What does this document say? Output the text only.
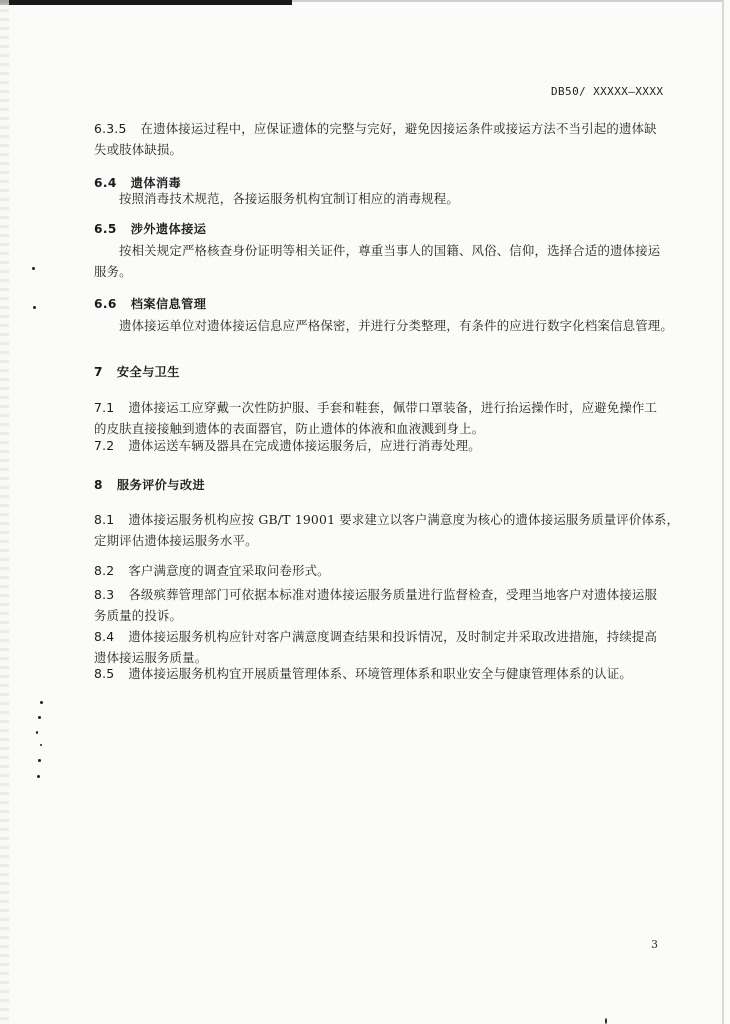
DB50/ XXXXX—XXXX
6.3.5 在遗体接运过程中，应保证遗体的完整与完好，避免因接运条件或接运方法不当引起的遗体缺
失或肢体缺损。
6.4 遗体消毒
按照消毒技术规范，各接运服务机构宜制订相应的消毒规程。
6.5 涉外遗体接运
按相关规定严格核查身份证明等相关证件，尊重当事人的国籍、风俗、信仰，选择合适的遗体接运
服务。
6.6 档案信息管理
遗体接运单位对遗体接运信息应严格保密，并进行分类整理，有条件的应进行数字化档案信息管理。
7 安全与卫生
7.1 遗体接运工应穿戴一次性防护服、手套和鞋套，佩带口罩装备，进行抬运操作时，应避免操作工
的皮肤直接接触到遗体的表面器官，防止遗体的体液和血液溅到身上。
7.2 遗体运送车辆及器具在完成遗体接运服务后，应进行消毒处理。
8 服务评价与改进
8.1 遗体接运服务机构应按 GB/T 19001 要求建立以客户满意度为核心的遗体接运服务质量评价体系，
定期评估遗体接运服务水平。
8.2 客户满意度的调查宜采取问卷形式。
8.3 各级殡葬管理部门可依据本标准对遗体接运服务质量进行监督检查，受理当地客户对遗体接运服
务质量的投诉。
8.4 遗体接运服务机构应针对客户满意度调查结果和投诉情况，及时制定并采取改进措施，持续提高
遗体接运服务质量。
8.5 遗体接运服务机构宜开展质量管理体系、环境管理体系和职业安全与健康管理体系的认证。
3
